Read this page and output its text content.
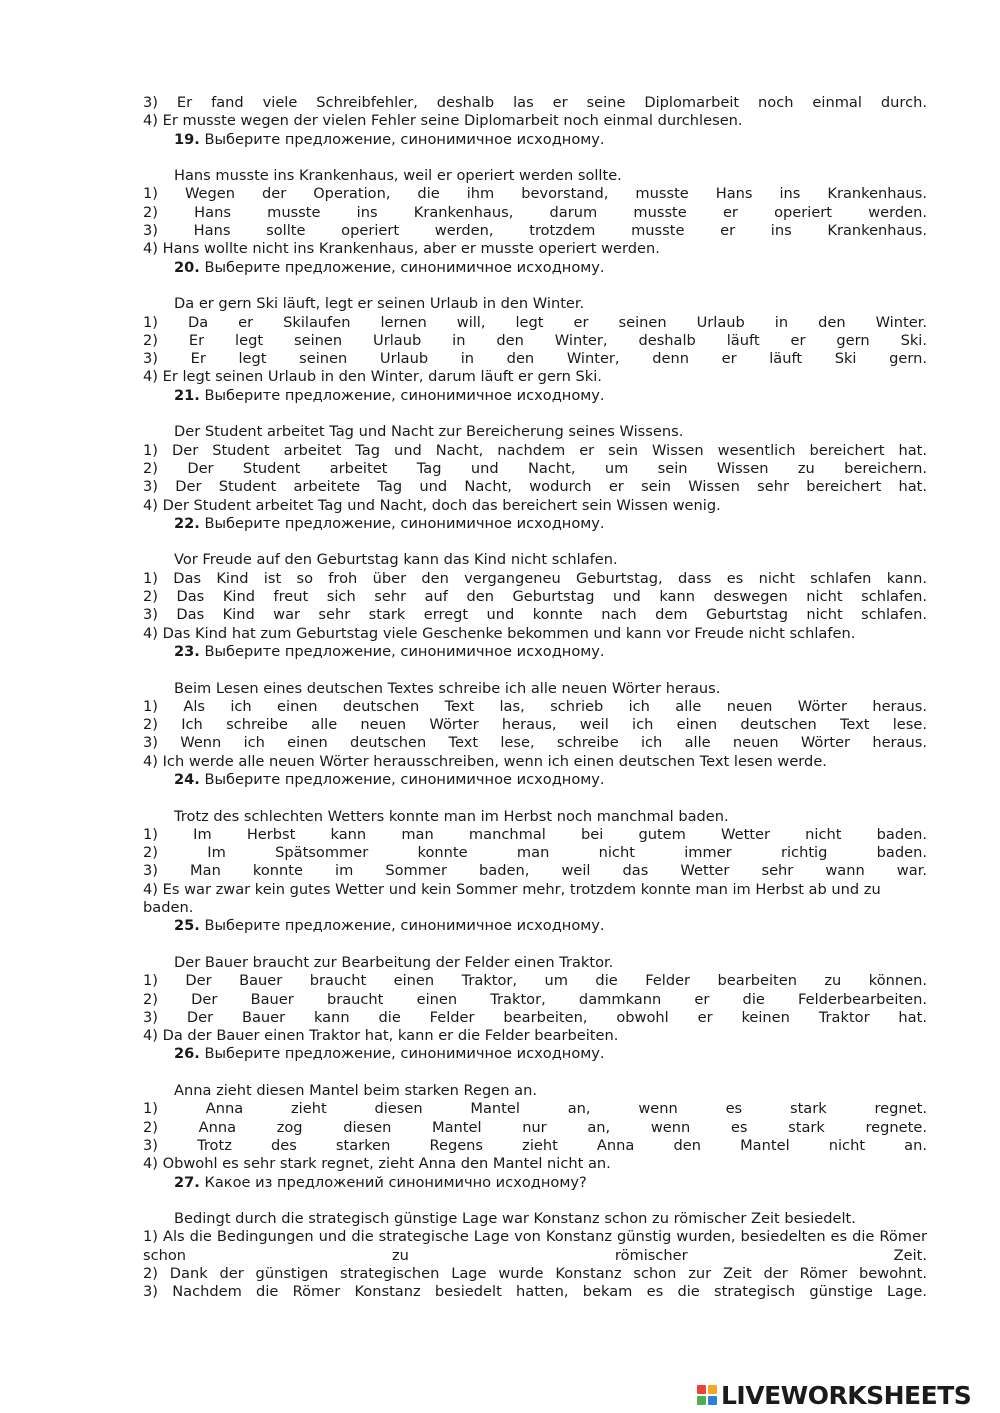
3) Er fand viele Schreibfehler, deshalb las er seine Diplomarbeit noch einmal durch.
4) Er musste wegen der vielen Fehler seine Diplomarbeit noch einmal durchlesen.
19. Выберите предложение, синонимичное исходному.
Hans musste ins Krankenhaus, weil er operiert werden sollte.
1) Wegen der Operation, die ihm bevorstand, musste Hans ins Krankenhaus.
2) Hans musste ins Krankenhaus, darum musste er operiert werden.
3) Hans sollte operiert werden, trotzdem musste er ins Krankenhaus.
4) Hans wollte nicht ins Krankenhaus, aber er musste operiert werden.
20. Выберите предложение, синонимичное исходному.
Da er gern Ski läuft, legt er seinen Urlaub in den Winter.
1) Da er Skilaufen lernen will, legt er seinen Urlaub in den Winter.
2) Er legt seinen Urlaub in den Winter, deshalb läuft er gern Ski.
3) Er legt seinen Urlaub in den Winter, denn er läuft Ski gern.
4) Er legt seinen Urlaub in den Winter, darum läuft er gern Ski.
21. Выберите предложение, синонимичное исходному.
Der Student arbeitet Tag und Nacht zur Bereicherung seines Wissens.
1) Der Student arbeitet Tag und Nacht, nachdem er sein Wissen wesentlich bereichert hat.
2) Der Student arbeitet Tag und Nacht, um sein Wissen zu bereichern.
3) Der Student arbeitete Tag und Nacht, wodurch er sein Wissen sehr bereichert hat.
4) Der Student arbeitet Tag und Nacht, doch das bereichert sein Wissen wenig.
22. Выберите предложение, синонимичное исходному.
Vor Freude auf den Geburtstag kann das Kind nicht schlafen.
1) Das Kind ist so froh über den vergangeneu Geburtstag, dass es nicht schlafen kann.
2) Das Kind freut sich sehr auf den Geburtstag und kann deswegen nicht schlafen.
3) Das Kind war sehr stark erregt und konnte nach dem Geburtstag nicht schlafen.
4) Das Kind hat zum Geburtstag viele Geschenke bekommen und kann vor Freude nicht schlafen.
23. Выберите предложение, синонимичное исходному.
Beim Lesen eines deutschen Textes schreibe ich alle neuen Wörter heraus.
1) Als ich einen deutschen Text las, schrieb ich alle neuen Wörter heraus.
2) Ich schreibe alle neuen Wörter heraus, weil ich einen deutschen Text lese.
3) Wenn ich einen deutschen Text lese, schreibe ich alle neuen Wörter heraus.
4) Ich werde alle neuen Wörter herausschreiben, wenn ich einen deutschen Text lesen werde.
24. Выберите предложение, синонимичное исходному.
Trotz des schlechten Wetters konnte man im Herbst noch manchmal baden.
1) Im Herbst kann man manchmal bei gutem Wetter nicht baden.
2) Im Spätsommer konnte man nicht immer richtig baden.
3) Man konnte im Sommer baden, weil das Wetter sehr wann war.
4) Es war zwar kein gutes Wetter und kein Sommer mehr, trotzdem konnte man im Herbst ab und zu baden.
25. Выберите предложение, синонимичное исходному.
Der Bauer braucht zur Bearbeitung der Felder einen Traktor.
1) Der Bauer braucht einen Traktor, um die Felder bearbeiten zu können.
2) Der Bauer braucht einen Traktor, dammkann er die Felderbearbeiten.
3) Der Bauer kann die Felder bearbeiten, obwohl er keinen Traktor hat.
4) Da der Bauer einen Traktor hat, kann er die Felder bearbeiten.
26. Выберите предложение, синонимичное исходному.
Anna zieht diesen Mantel beim starken Regen an.
1) Anna zieht diesen Mantel an, wenn es stark regnet.
2) Anna zog diesen Mantel nur an, wenn es stark regnete.
3) Trotz des starken Regens zieht Anna den Mantel nicht an.
4) Obwohl es sehr stark regnet, zieht Anna den Mantel nicht an.
27. Какое из предложений синонимично исходному?
Bedingt durch die strategisch günstige Lage war Konstanz schon zu römischer Zeit besiedelt.
1) Als die Bedingungen und die strategische Lage von Konstanz günstig wurden, besiedelten es die Römer schon zu römischer Zeit.
2) Dank der günstigen strategischen Lage wurde Konstanz schon zur Zeit der Römer bewohnt.
3) Nachdem die Römer Konstanz besiedelt hatten, bekam es die strategisch günstige Lage.
LIVEWORKSHEETS
